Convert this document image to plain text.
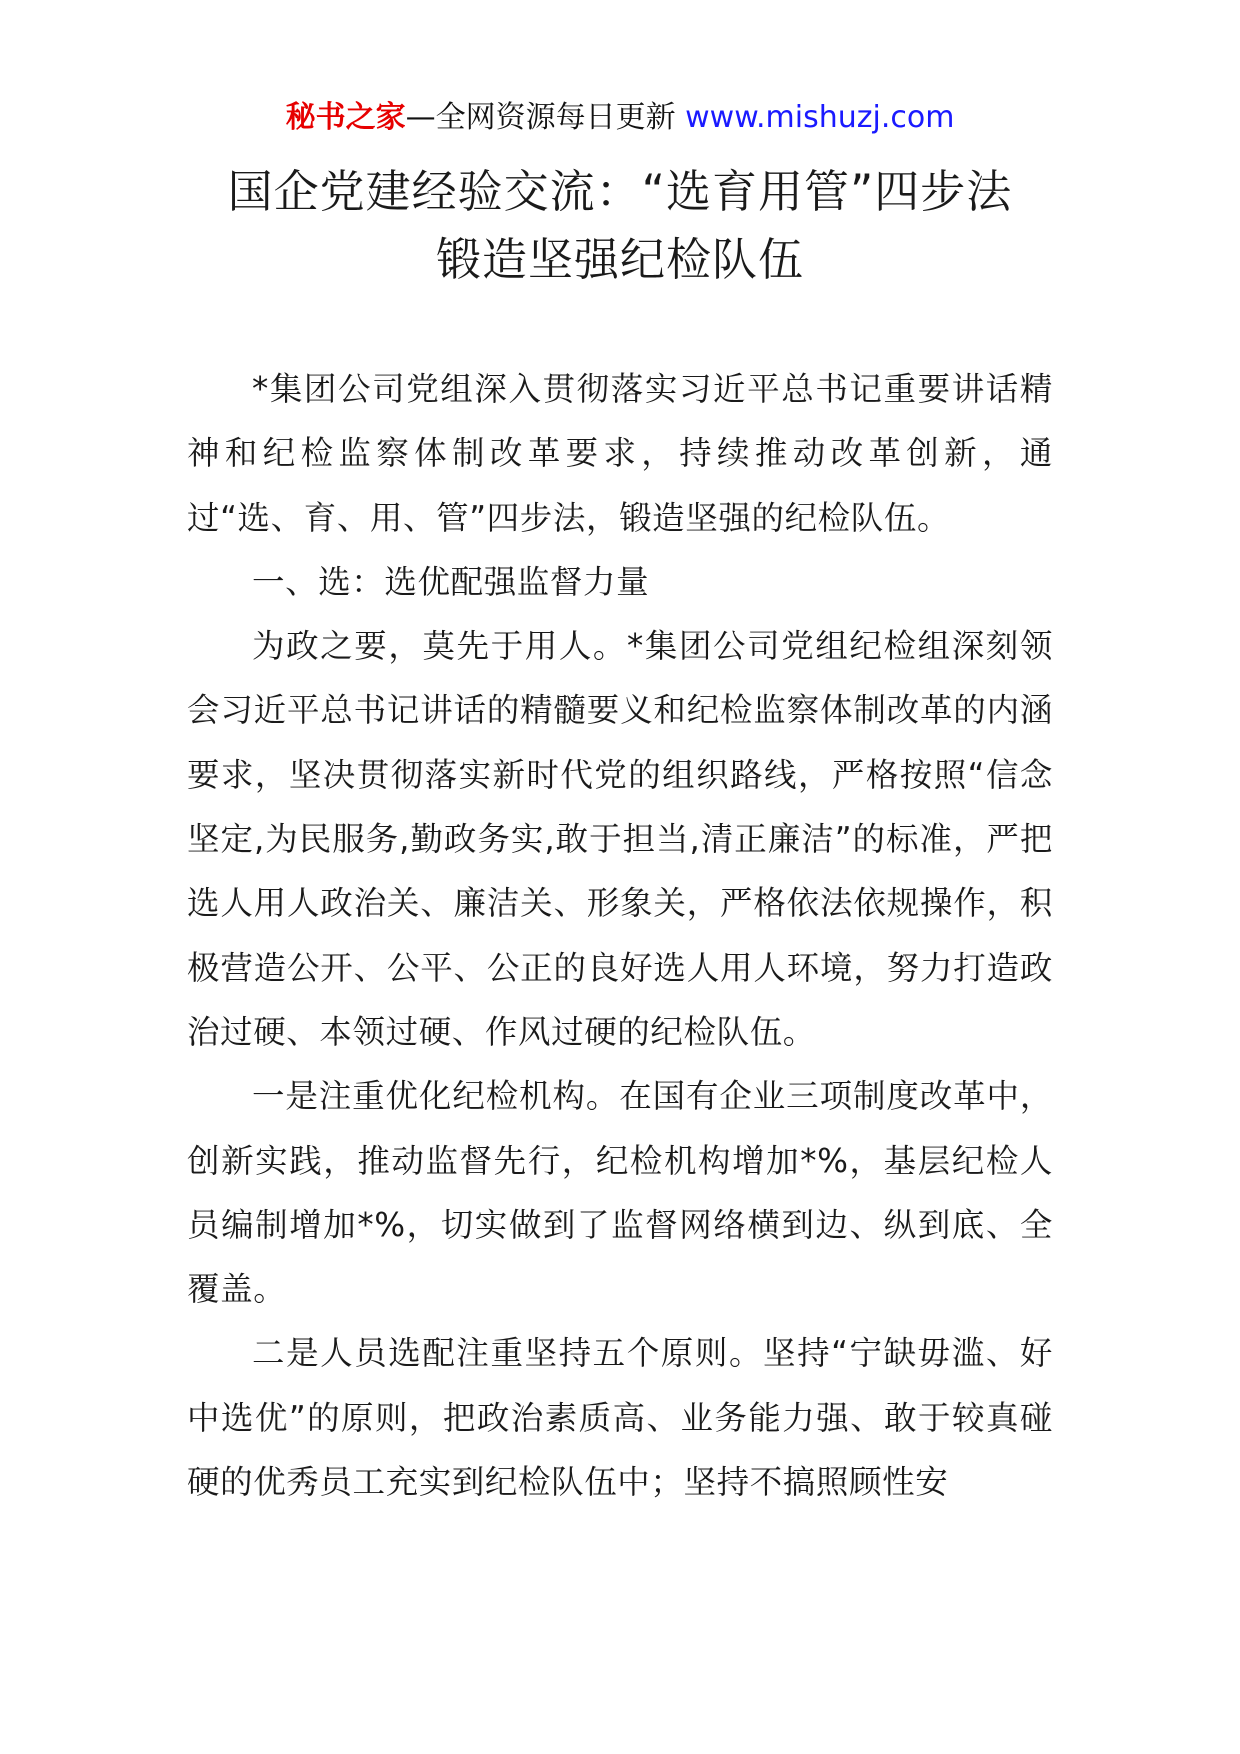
秘书之家—全网资源每日更新 www.mishuzj.com
国企党建经验交流：“选育用管”四步法
锻造坚强纪检队伍

*集团公司党组深入贯彻落实习近平总书记重要讲话精神和纪检监察体制改革要求，持续推动改革创新，通过“选、育、用、管”四步法，锻造坚强的纪检队伍。

一、选：选优配强监督力量

为政之要，莫先于用人。*集团公司党组纪检组深刻领会习近平总书记讲话的精髓要义和纪检监察体制改革的内涵要求，坚决贯彻落实新时代党的组织路线，严格按照“信念坚定,为民服务,勤政务实,敢于担当,清正廉洁”的标准，严把选人用人政治关、廉洁关、形象关，严格依法依规操作，积极营造公开、公平、公正的良好选人用人环境，努力打造政治过硬、本领过硬、作风过硬的纪检队伍。

一是注重优化纪检机构。在国有企业三项制度改革中，创新实践，推动监督先行，纪检机构增加*%，基层纪检人员编制增加*%，切实做到了监督网络横到边、纵到底、全覆盖。

二是人员选配注重坚持五个原则。坚持“宁缺毋滥、好中选优”的原则，把政治素质高、业务能力强、敢于较真碰硬的优秀员工充实到纪检队伍中；坚持不搞照顾性安
